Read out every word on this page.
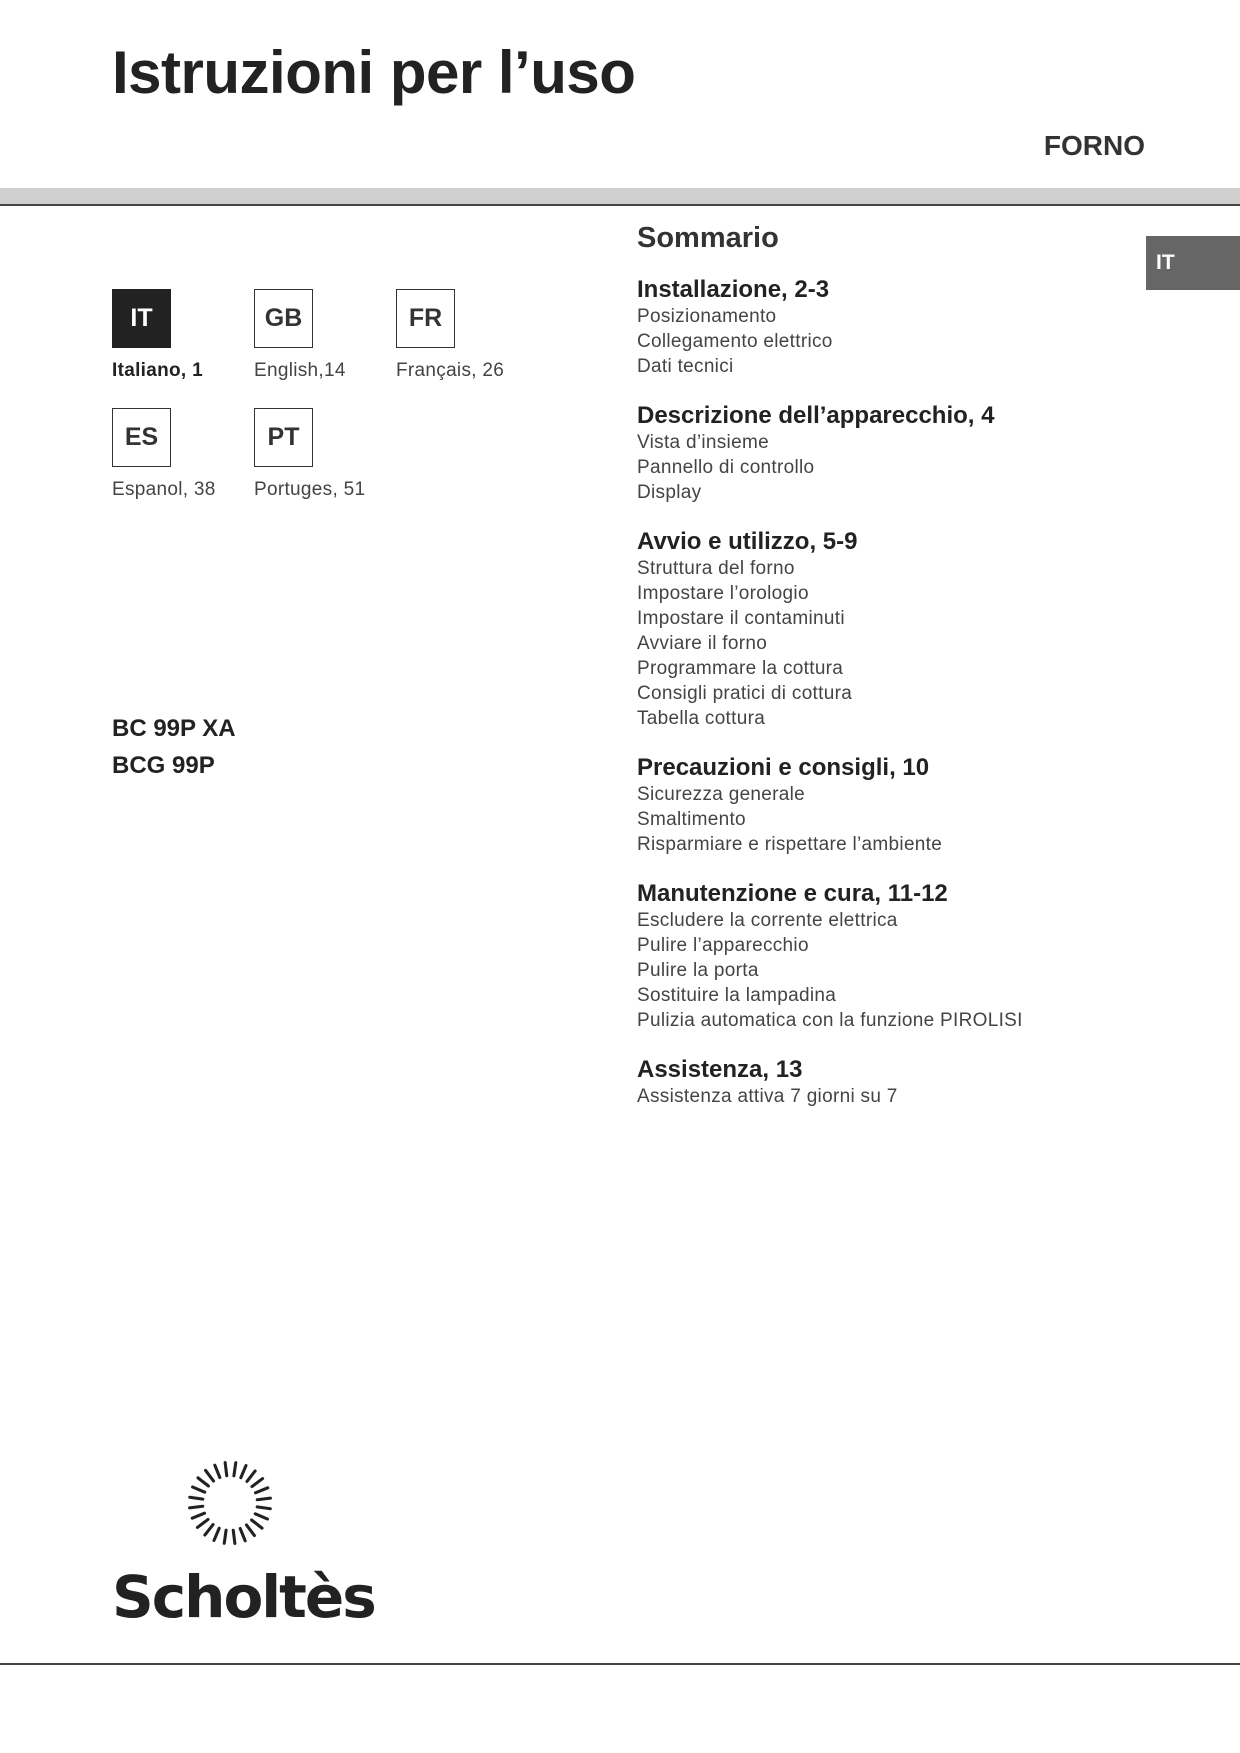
Istruzioni per l’uso
FORNO
IT
IT
Italiano, 1
GB
English,14
FR
Français, 26
ES
Espanol, 38
PT
Portuges, 51
BC 99P XA
BCG 99P
Sommario
Installazione, 2-3
Posizionamento
Collegamento elettrico
Dati tecnici
Descrizione dell’apparecchio, 4
Vista d’insieme
Pannello di controllo
Display
Avvio e utilizzo, 5-9
Struttura del forno
Impostare l’orologio
Impostare il contaminuti
Avviare il forno
Programmare la cottura
Consigli pratici di cottura
Tabella cottura
Precauzioni e consigli, 10
Sicurezza generale
Smaltimento
Risparmiare e rispettare l’ambiente
Manutenzione e cura, 11-12
Escludere la corrente elettrica
Pulire l’apparecchio
Pulire la porta
Sostituire la lampadina
Pulizia automatica con la funzione PIROLISI
Assistenza, 13
Assistenza attiva 7 giorni su 7
Scholtès
